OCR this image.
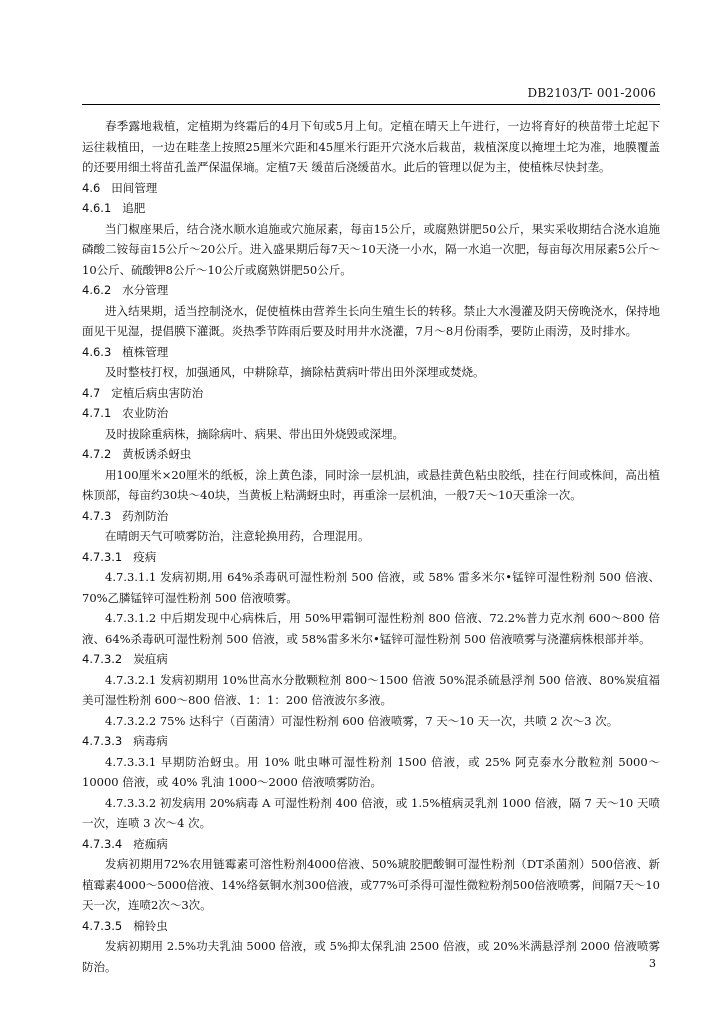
DB2103/T- 001-2006
春季露地栽植，定植期为终霜后的4月下旬或5月上旬。定植在晴天上午进行，一边将育好的秧苗带土坨起下运往栽植田，一边在畦垄上按照25厘米穴距和45厘米行距开穴浇水后栽苗，栽植深度以掩埋土坨为准，地膜覆盖的还要用细土将苗孔盖严保温保墒。定植7天 缓苗后浇缓苗水。此后的管理以促为主，使植株尽快封垄。
4.6   田间管理
4.6.1   追肥
当门椒座果后，结合浇水顺水追施或穴施尿素，每亩15公斤，或腐熟饼肥50公斤，果实采收期结合浇水追施磷酸二铵每亩15公斤～20公斤。进入盛果期后每7天～10天浇一小水，隔一水追一次肥，每亩每次用尿素5公斤～10公斤、硫酸钾8公斤～10公斤或腐熟饼肥50公斤。
4.6.2   水分管理
进入结果期，适当控制浇水，促使植株由营养生长向生殖生长的转移。禁止大水漫灌及阴天傍晚浇水，保持地面见干见湿，提倡膜下灌溉。炎热季节阵雨后要及时用井水浇灌，7月～8月份雨季，要防止雨涝，及时排水。
4.6.3   植株管理
及时整枝打杈，加强通风，中耕除草，摘除枯黄病叶带出田外深埋或焚烧。
4.7   定植后病虫害防治
4.7.1   农业防治
及时拔除重病株，摘除病叶、病果、带出田外烧毁或深埋。
4.7.2   黄板诱杀蚜虫
用100厘米×20厘米的纸板，涂上黄色漆，同时涂一层机油，或悬挂黄色粘虫胶纸，挂在行间或株间，高出植株顶部，每亩约30块～40块，当黄板上粘满蚜虫时，再重涂一层机油，一般7天～10天重涂一次。
4.7.3   药剂防治
在晴朗天气可喷雾防治，注意轮换用药，合理混用。
4.7.3.1   疫病
4.7.3.1.1 发病初期,用 64%杀毒矾可湿性粉剂 500 倍液，或 58% 雷多米尔•锰锌可湿性粉剂 500 倍液、70%乙膦锰锌可湿性粉剂 500 倍液喷雾。
4.7.3.1.2 中后期发现中心病株后，用 50%甲霜铜可湿性粉剂 800 倍液、72.2%普力克水剂 600～800 倍液、64%杀毒矾可湿性粉剂 500 倍液，或 58%雷多米尔•锰锌可湿性粉剂 500 倍液喷雾与浇灌病株根部并举。
4.7.3.2   炭疽病
4.7.3.2.1 发病初期用 10%世高水分散颗粒剂 800～1500 倍液 50%混杀硫悬浮剂 500 倍液、80%炭疽福美可湿性粉剂 600～800 倍液、1：1：200 倍液波尔多液。
4.7.3.2.2 75% 达科宁（百菌清）可湿性粉剂 600 倍液喷雾，7 天～10 天一次，共喷 2 次～3 次。
4.7.3.3   病毒病
4.7.3.3.1 早期防治蚜虫。用 10% 吡虫啉可湿性粉剂 1500 倍液，或 25% 阿克泰水分散粒剂 5000～10000 倍液，或 40% 乳油 1000～2000 倍液喷雾防治。
4.7.3.3.2 初发病用 20%病毒 A 可湿性粉剂 400 倍液，或 1.5%植病灵乳剂 1000 倍液，隔 7 天～10 天喷一次，连喷 3 次～4 次。
4.7.3.4   疮痂病
发病初期用72%农用链霉素可溶性粉剂4000倍液、50%琥胶肥酸铜可湿性粉剂（DT杀菌剂）500倍液、新植霉素4000～5000倍液、14%络氨铜水剂300倍液，或77%可杀得可湿性微粒粉剂500倍液喷雾，间隔7天～10天一次，连喷2次～3次。
4.7.3.5   棉铃虫
发病初期用 2.5%功夫乳油 5000 倍液，或 5%抑太保乳油 2500 倍液，或 20%米满悬浮剂 2000 倍液喷雾防治。	3
